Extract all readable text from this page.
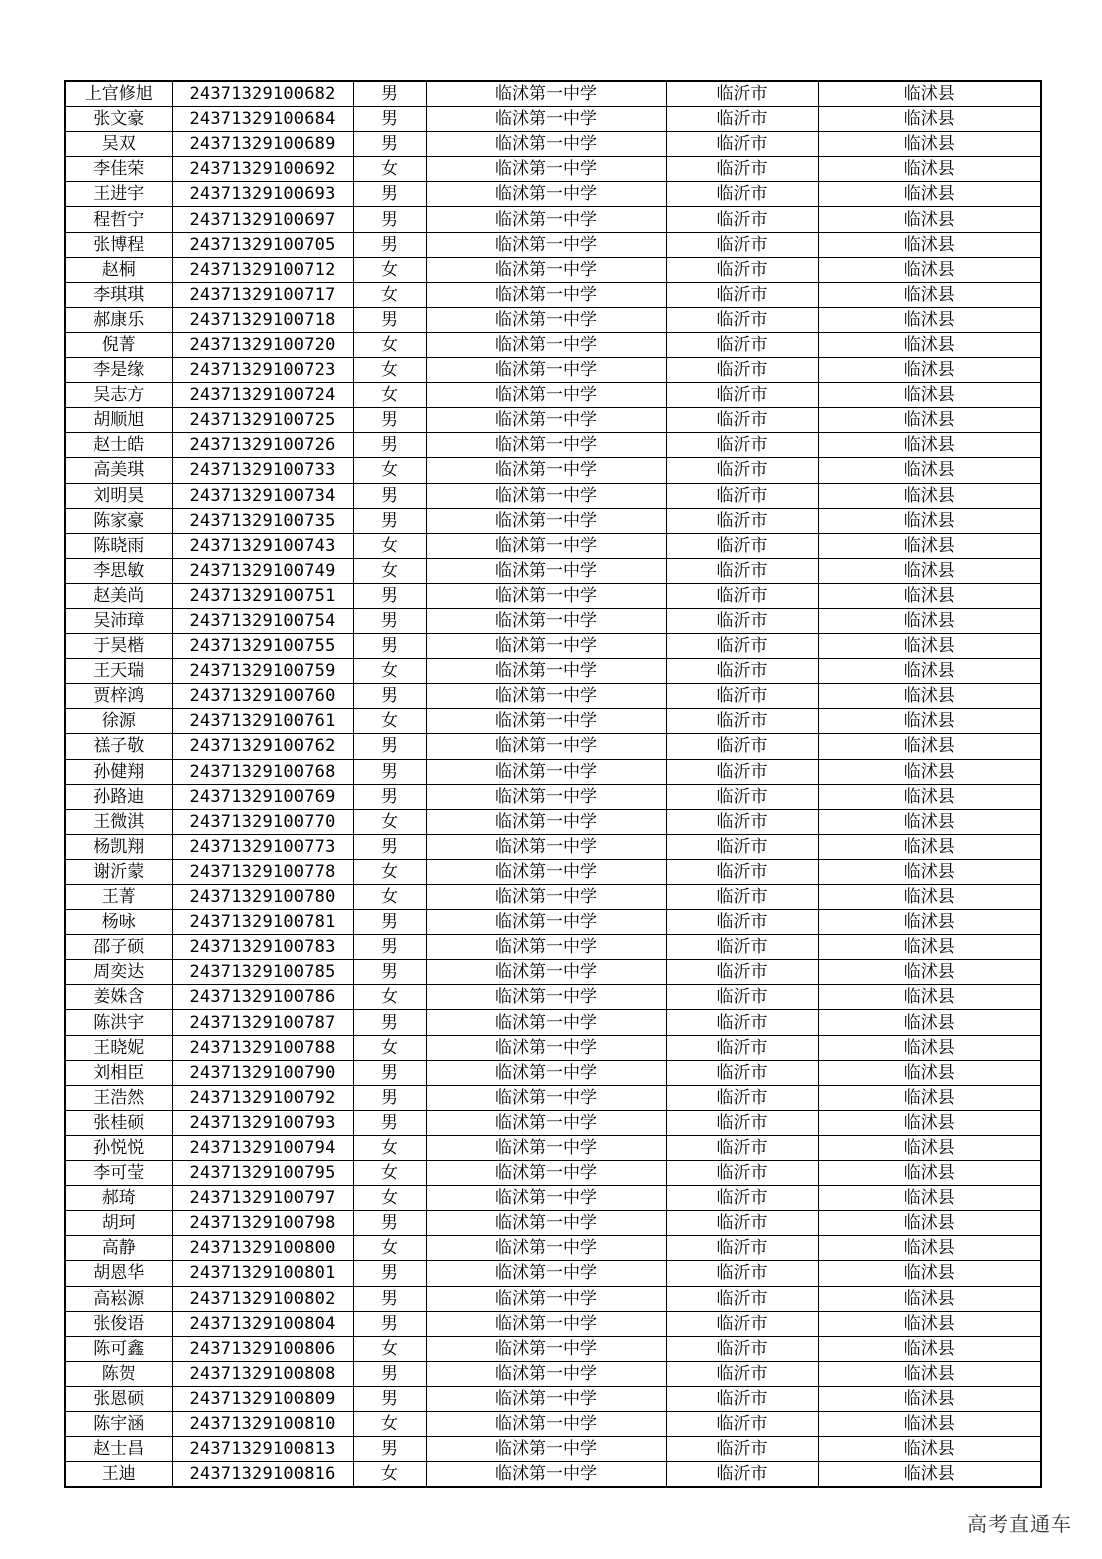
上官修旭	24371329100682	男	临沭第一中学	临沂市	临沭县
张文豪	24371329100684	男	临沭第一中学	临沂市	临沭县
吴双	24371329100689	男	临沭第一中学	临沂市	临沭县
李佳荣	24371329100692	女	临沭第一中学	临沂市	临沭县
王进宇	24371329100693	男	临沭第一中学	临沂市	临沭县
程哲宁	24371329100697	男	临沭第一中学	临沂市	临沭县
张博程	24371329100705	男	临沭第一中学	临沂市	临沭县
赵桐	24371329100712	女	临沭第一中学	临沂市	临沭县
李琪琪	24371329100717	女	临沭第一中学	临沂市	临沭县
郝康乐	24371329100718	男	临沭第一中学	临沂市	临沭县
倪菁	24371329100720	女	临沭第一中学	临沂市	临沭县
李是缘	24371329100723	女	临沭第一中学	临沂市	临沭县
吴志方	24371329100724	女	临沭第一中学	临沂市	临沭县
胡顺旭	24371329100725	男	临沭第一中学	临沂市	临沭县
赵士皓	24371329100726	男	临沭第一中学	临沂市	临沭县
高美琪	24371329100733	女	临沭第一中学	临沂市	临沭县
刘明昊	24371329100734	男	临沭第一中学	临沂市	临沭县
陈家豪	24371329100735	男	临沭第一中学	临沂市	临沭县
陈晓雨	24371329100743	女	临沭第一中学	临沂市	临沭县
李思敏	24371329100749	女	临沭第一中学	临沂市	临沭县
赵美尚	24371329100751	男	临沭第一中学	临沂市	临沭县
吴沛璋	24371329100754	男	临沭第一中学	临沂市	临沭县
于昊楷	24371329100755	男	临沭第一中学	临沂市	临沭县
王天瑞	24371329100759	女	临沭第一中学	临沂市	临沭县
贾梓鸿	24371329100760	男	临沭第一中学	临沂市	临沭县
徐源	24371329100761	女	临沭第一中学	临沂市	临沭县
禚子敬	24371329100762	男	临沭第一中学	临沂市	临沭县
孙健翔	24371329100768	男	临沭第一中学	临沂市	临沭县
孙路迪	24371329100769	男	临沭第一中学	临沂市	临沭县
王微淇	24371329100770	女	临沭第一中学	临沂市	临沭县
杨凯翔	24371329100773	男	临沭第一中学	临沂市	临沭县
谢沂蒙	24371329100778	女	临沭第一中学	临沂市	临沭县
王菁	24371329100780	女	临沭第一中学	临沂市	临沭县
杨咏	24371329100781	男	临沭第一中学	临沂市	临沭县
邵子硕	24371329100783	男	临沭第一中学	临沂市	临沭县
周奕达	24371329100785	男	临沭第一中学	临沂市	临沭县
姜姝含	24371329100786	女	临沭第一中学	临沂市	临沭县
陈洪宇	24371329100787	男	临沭第一中学	临沂市	临沭县
王晓妮	24371329100788	女	临沭第一中学	临沂市	临沭县
刘相臣	24371329100790	男	临沭第一中学	临沂市	临沭县
王浩然	24371329100792	男	临沭第一中学	临沂市	临沭县
张桂硕	24371329100793	男	临沭第一中学	临沂市	临沭县
孙悦悦	24371329100794	女	临沭第一中学	临沂市	临沭县
李可莹	24371329100795	女	临沭第一中学	临沂市	临沭县
郝琦	24371329100797	女	临沭第一中学	临沂市	临沭县
胡珂	24371329100798	男	临沭第一中学	临沂市	临沭县
高静	24371329100800	女	临沭第一中学	临沂市	临沭县
胡恩华	24371329100801	男	临沭第一中学	临沂市	临沭县
高崧源	24371329100802	男	临沭第一中学	临沂市	临沭县
张俊语	24371329100804	男	临沭第一中学	临沂市	临沭县
陈可鑫	24371329100806	女	临沭第一中学	临沂市	临沭县
陈贺	24371329100808	男	临沭第一中学	临沂市	临沭县
张恩硕	24371329100809	男	临沭第一中学	临沂市	临沭县
陈宇涵	24371329100810	女	临沭第一中学	临沂市	临沭县
赵士昌	24371329100813	男	临沭第一中学	临沂市	临沭县
王迪	24371329100816	女	临沭第一中学	临沂市	临沭县
高考直通车
